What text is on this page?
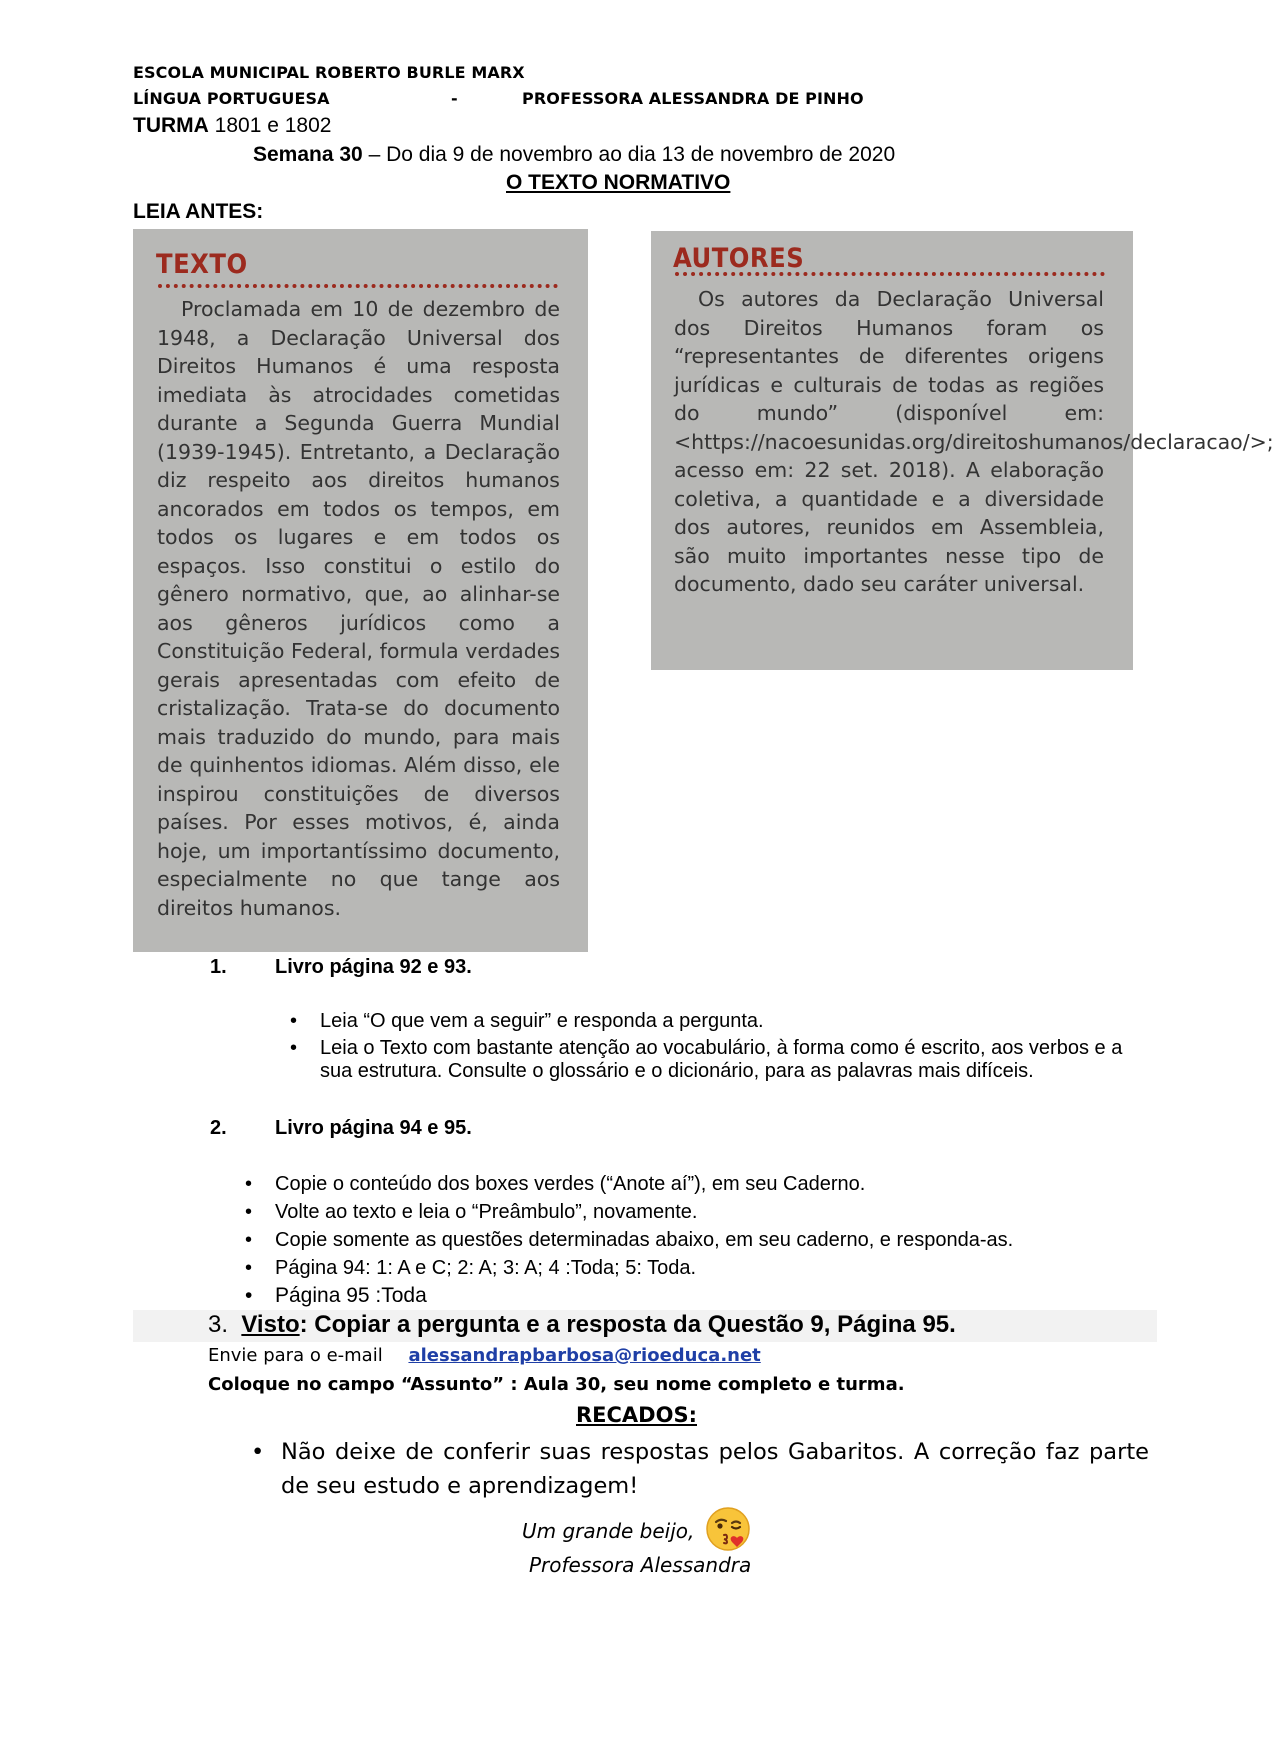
ESCOLA MUNICIPAL ROBERTO BURLE MARX
LÍNGUA PORTUGUESA	-	PROFESSORA ALESSANDRA DE PINHO
TURMA 1801 e 1802
Semana 30 – Do dia 9 de novembro ao dia 13 de novembro de 2020
O TEXTO NORMATIVO
LEIA ANTES:
TEXTO
Proclamada em 10 de dezembro de 1948, a Declaração Universal dos Direitos Humanos é uma resposta imediata às atrocidades cometidas durante a Segunda Guerra Mundial (1939-1945). Entretanto, a Declaração diz respeito aos direitos humanos ancorados em todos os tempos, em todos os lugares e em todos os espaços. Isso constitui o estilo do gênero normativo, que, ao alinhar-se aos gêneros jurídicos como a Constituição Federal, formula verdades gerais apresentadas com efeito de cristalização. Trata-se do documento mais traduzido do mundo, para mais de quinhentos idiomas. Além disso, ele inspirou constituições de diversos países. Por esses motivos, é, ainda hoje, um importantíssimo documento, especialmente no que tange aos direitos humanos.
AUTORES
Os autores da Declaração Universal dos Direitos Humanos foram os “representantes de diferentes origens jurídicas e culturais de todas as regiões do mundo” (disponível em: <https://nacoesunidas.org/direitoshumanos/declaracao/>; acesso em: 22 set. 2018). A elaboração coletiva, a quantidade e a diversidade dos autores, reunidos em Assembleia, são muito importantes nesse tipo de documento, dado seu caráter universal.
1. Livro página 92 e 93.
• Leia “O que vem a seguir” e responda a pergunta.
• Leia o Texto com bastante atenção ao vocabulário, à forma como é escrito, aos verbos e a sua estrutura. Consulte o glossário e o dicionário, para as palavras mais difíceis.
2. Livro página 94 e 95.
• Copie o conteúdo dos boxes verdes (“Anote aí”), em seu Caderno.
• Volte ao texto e leia o “Preâmbulo”, novamente.
• Copie somente as questões determinadas abaixo, em seu caderno, e responda-as.
• Página 94: 1: A e C; 2: A; 3: A; 4 :Toda; 5: Toda.
• Página 95 :Toda
3. Visto: Copiar a pergunta e a resposta da Questão 9, Página 95.
Envie para o e-mail alessandrapbarbosa@rioeduca.net
Coloque no campo “Assunto” : Aula 30, seu nome completo e turma.
RECADOS:
• Não deixe de conferir suas respostas pelos Gabaritos. A correção faz parte de seu estudo e aprendizagem!
Um grande beijo,
Professora Alessandra
